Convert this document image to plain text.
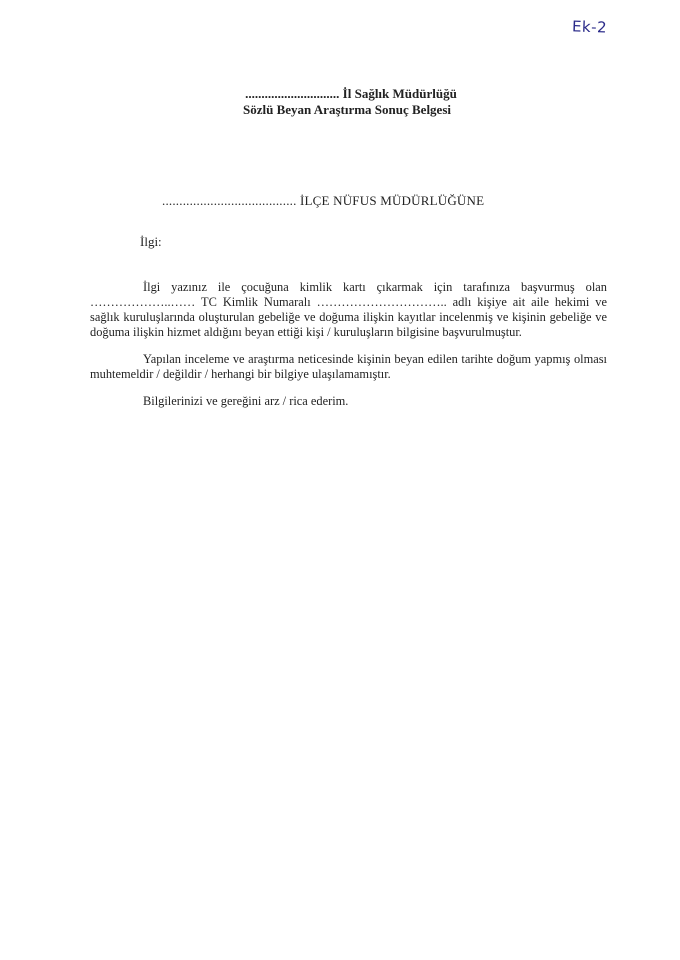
Ek-2
............................. İl Sağlık Müdürlüğü
Sözlü Beyan Araştırma Sonuç Belgesi
....................................... İLÇE NÜFUS MÜDÜRLÜĞÜNE
İlgi:

İlgi yazınız ile çocuğuna kimlik kartı çıkarmak için tarafınıza başvurmuş olan ………………..…… TC Kimlik Numaralı ………………………….. adlı kişiye ait aile hekimi ve sağlık kuruluşlarında oluşturulan gebeliğe ve doğuma ilişkin kayıtlar incelenmiş ve kişinin gebeliğe ve doğuma ilişkin hizmet aldığını beyan ettiği kişi / kuruluşların bilgisine başvurulmuştur.

Yapılan inceleme ve araştırma neticesinde kişinin beyan edilen tarihte doğum yapmış olması muhtemeldir / değildir / herhangi bir bilgiye ulaşılamamıştır.

Bilgilerinizi ve gereğini arz / rica ederim.
